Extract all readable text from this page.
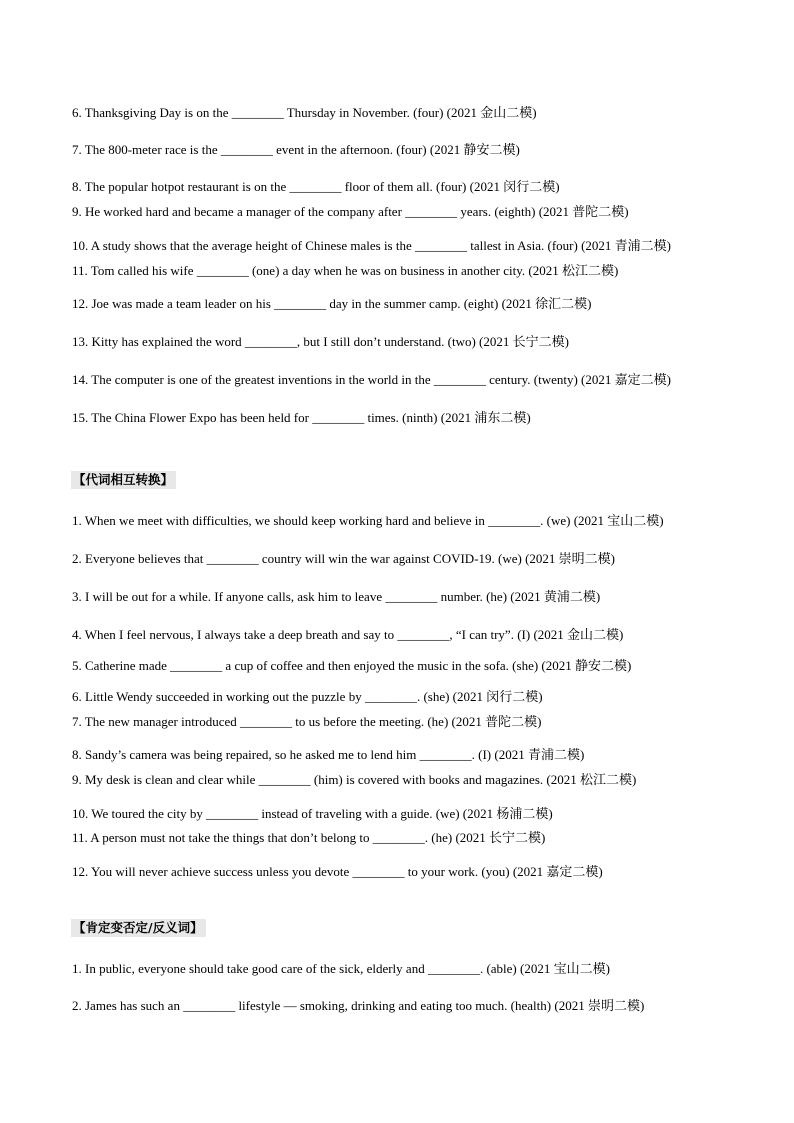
6. Thanksgiving Day is on the ________ Thursday in November. (four) (2021 金山二模)
7. The 800-meter race is the ________ event in the afternoon. (four) (2021 静安二模)
8. The popular hotpot restaurant is on the ________ floor of them all. (four) (2021 闵行二模)
9. He worked hard and became a manager of the company after ________ years. (eighth) (2021 普陀二模)
10. A study shows that the average height of Chinese males is the ________ tallest in Asia. (four) (2021 青浦二模)
11. Tom called his wife ________ (one) a day when he was on business in another city. (2021 松江二模)
12. Joe was made a team leader on his ________ day in the summer camp. (eight) (2021 徐汇二模)
13. Kitty has explained the word ________, but I still don’t understand. (two) (2021 长宁二模)
14. The computer is one of the greatest inventions in the world in the ________ century. (twenty) (2021 嘉定二模)
15. The China Flower Expo has been held for ________ times. (ninth) (2021 浦东二模)
【代词相互转换】
1. When we meet with difficulties, we should keep working hard and believe in ________. (we) (2021 宝山二模)
2. Everyone believes that ________ country will win the war against COVID-19. (we) (2021 崇明二模)
3. I will be out for a while. If anyone calls, ask him to leave ________ number. (he) (2021 黄浦二模)
4. When I feel nervous, I always take a deep breath and say to ________, “I can try”. (I) (2021 金山二模)
5. Catherine made ________ a cup of coffee and then enjoyed the music in the sofa. (she) (2021 静安二模)
6. Little Wendy succeeded in working out the puzzle by ________. (she) (2021 闵行二模)
7. The new manager introduced ________ to us before the meeting. (he) (2021 普陀二模)
8. Sandy’s camera was being repaired, so he asked me to lend him ________. (I) (2021 青浦二模)
9. My desk is clean and clear while ________ (him) is covered with books and magazines. (2021 松江二模)
10. We toured the city by ________ instead of traveling with a guide. (we) (2021 杨浦二模)
11. A person must not take the things that don’t belong to ________. (he) (2021 长宁二模)
12. You will never achieve success unless you devote ________ to your work. (you) (2021 嘉定二模)
【肯定变否定/反义词】
1. In public, everyone should take good care of the sick, elderly and ________. (able) (2021 宝山二模)
2. James has such an ________ lifestyle — smoking, drinking and eating too much. (health) (2021 崇明二模)
